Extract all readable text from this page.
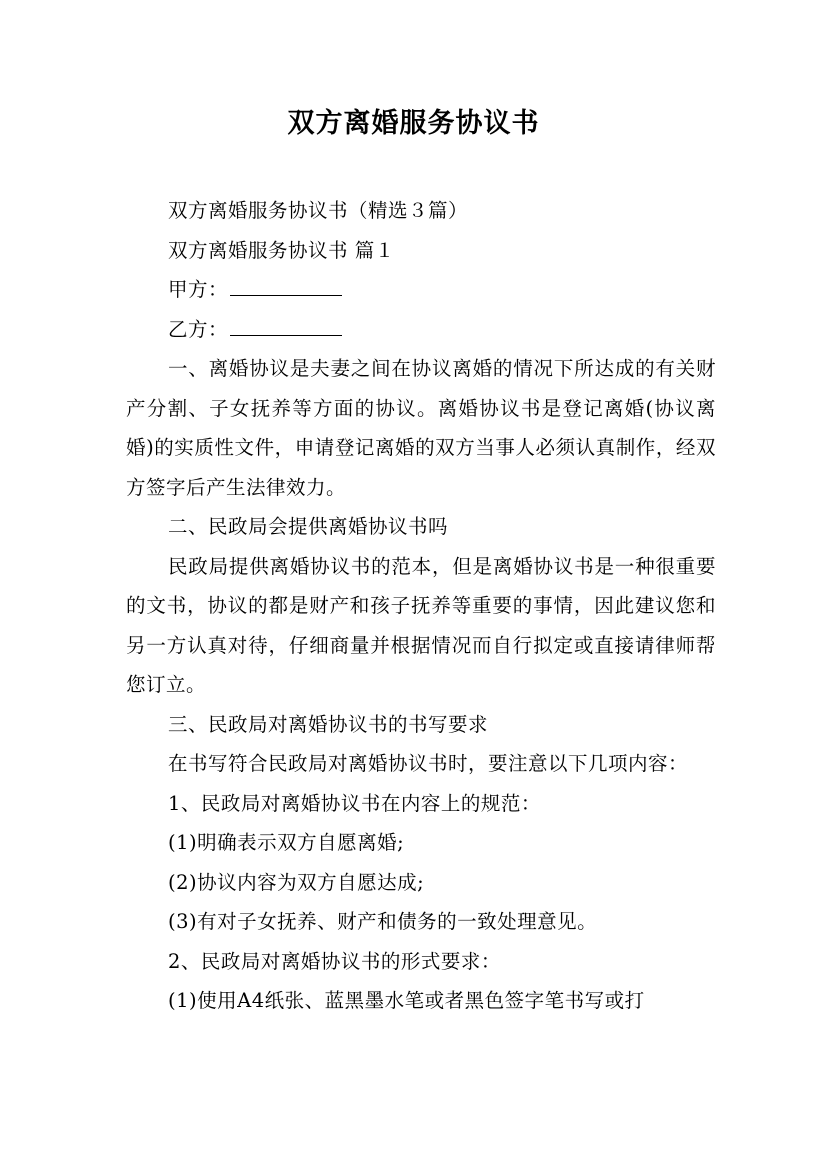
双方离婚服务协议书

双方离婚服务协议书（精选３篇）

双方离婚服务协议书 篇１

甲方：

乙方：

一、离婚协议是夫妻之间在协议离婚的情况下所达成的有关财产分割、子女抚养等方面的协议。离婚协议书是登记离婚(协议离婚)的实质性文件，申请登记离婚的双方当事人必须认真制作，经双方签字后产生法律效力。

二、民政局会提供离婚协议书吗

民政局提供离婚协议书的范本，但是离婚协议书是一种很重要的文书，协议的都是财产和孩子抚养等重要的事情，因此建议您和另一方认真对待，仔细商量并根据情况而自行拟定或直接请律师帮您订立。

三、民政局对离婚协议书的书写要求

在书写符合民政局对离婚协议书时，要注意以下几项内容：

1、民政局对离婚协议书在内容上的规范：

(1)明确表示双方自愿离婚;

(2)协议内容为双方自愿达成;

(3)有对子女抚养、财产和债务的一致处理意见。

2、民政局对离婚协议书的形式要求：

(1)使用A4纸张、蓝黑墨水笔或者黑色签字笔书写或打
